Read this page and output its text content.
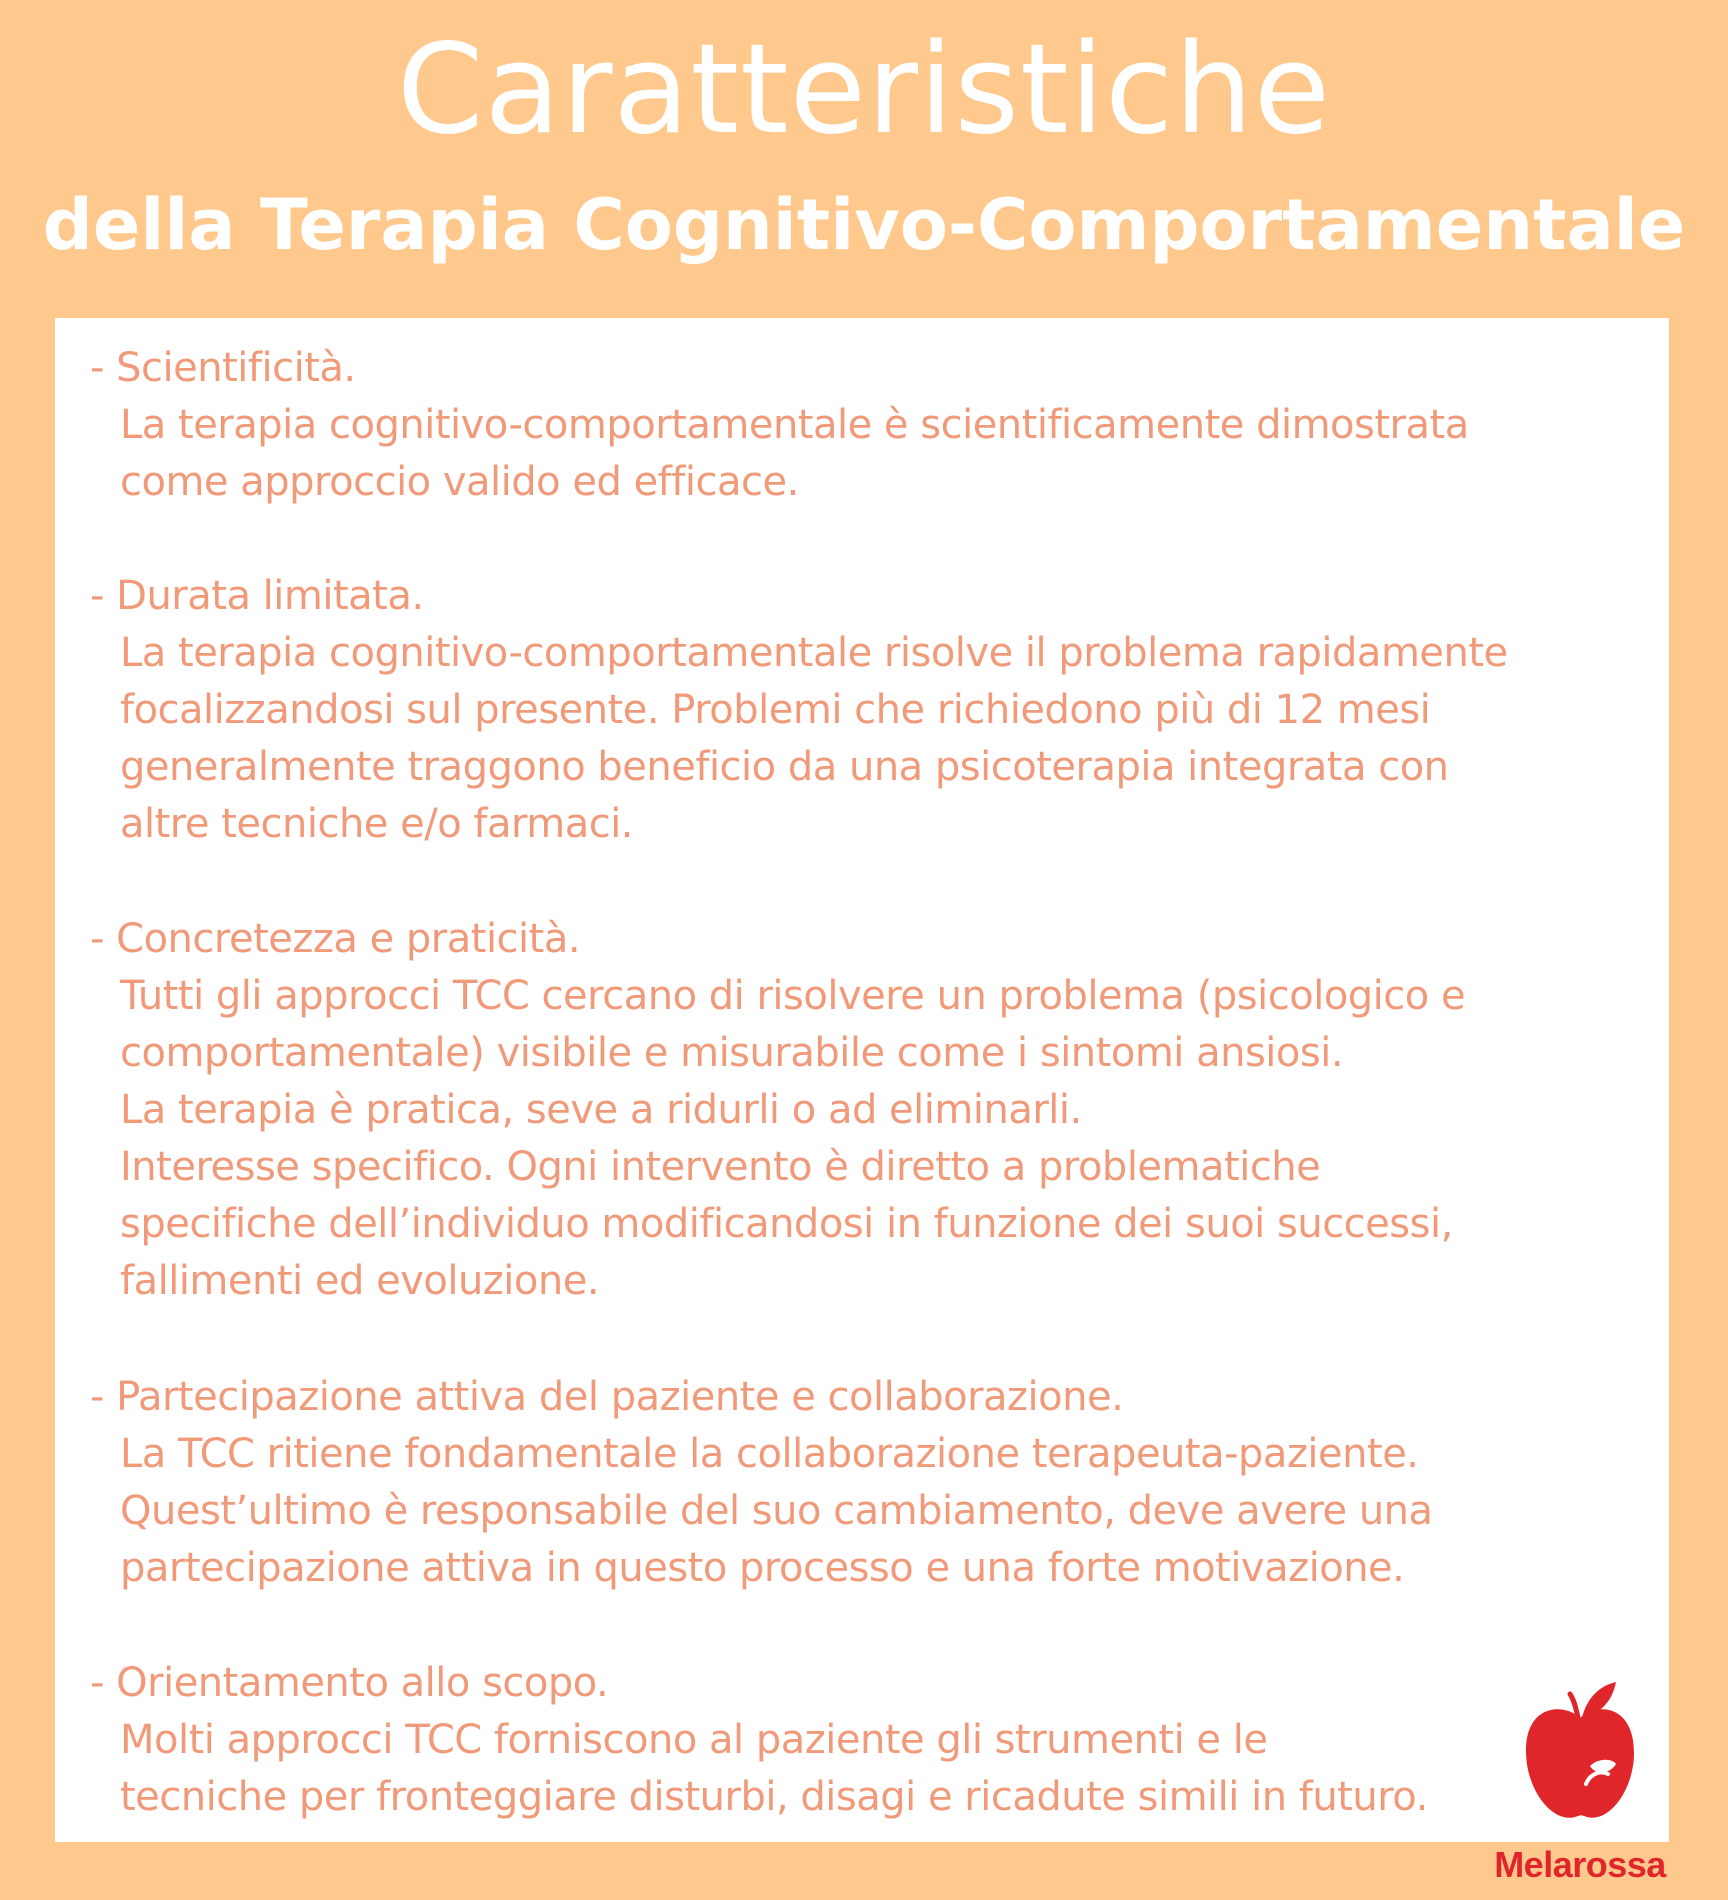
Caratteristiche
della Terapia Cognitivo-Comportamentale
- Scientificità.
La terapia cognitivo-comportamentale è scientificamente dimostrata
come approccio valido ed efficace.
- Durata limitata.
La terapia cognitivo-comportamentale risolve il problema rapidamente
focalizzandosi sul presente. Problemi che richiedono più di 12 mesi
generalmente traggono beneficio da una psicoterapia integrata con
altre tecniche e/o farmaci.
- Concretezza e praticità.
Tutti gli approcci TCC cercano di risolvere un problema (psicologico e
comportamentale) visibile e misurabile come i sintomi ansiosi.
La terapia è pratica, seve a ridurli o ad eliminarli.
Interesse specifico. Ogni intervento è diretto a problematiche
specifiche dell’individuo modificandosi in funzione dei suoi successi,
fallimenti ed evoluzione.
- Partecipazione attiva del paziente e collaborazione.
La TCC ritiene fondamentale la collaborazione terapeuta-paziente.
Quest’ultimo è responsabile del suo cambiamento, deve avere una
partecipazione attiva in questo processo e una forte motivazione.
- Orientamento allo scopo.
Molti approcci TCC forniscono al paziente gli strumenti e le
tecniche per fronteggiare disturbi, disagi e ricadute simili in futuro.
Melarossa
